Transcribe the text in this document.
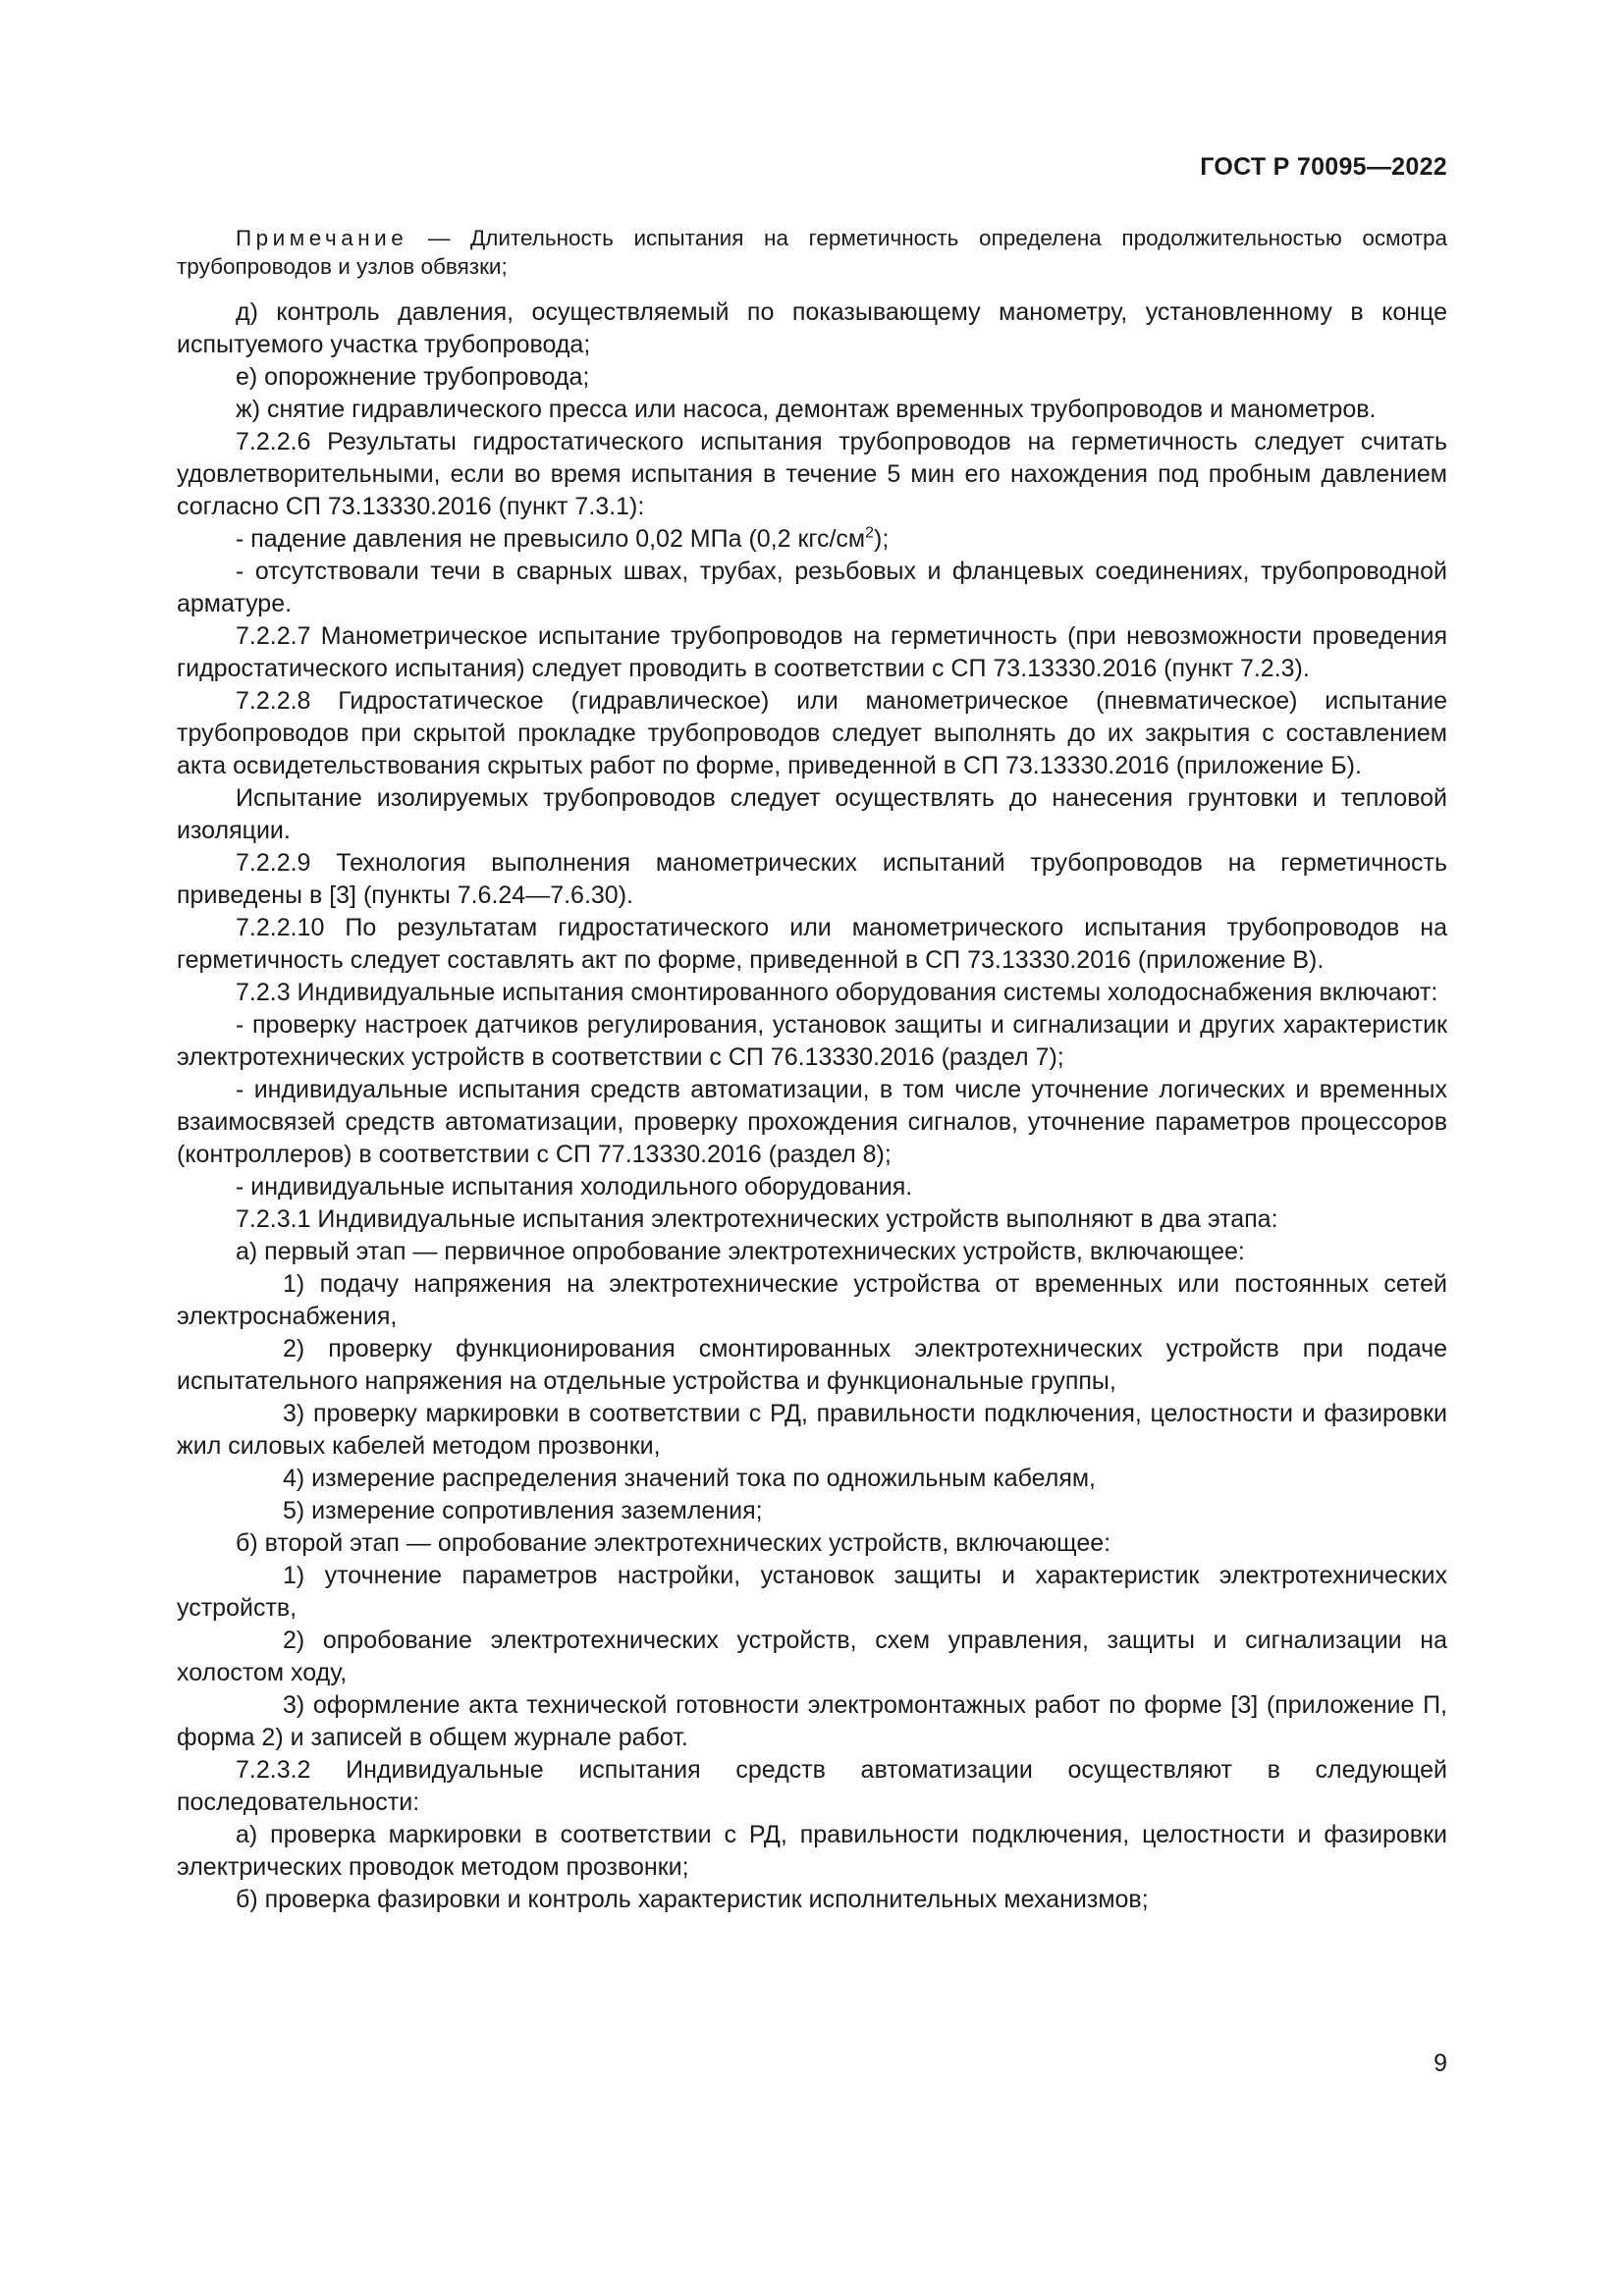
ГОСТ Р 70095—2022

Примечание — Длительность испытания на герметичность определена продолжительностью осмотра трубопроводов и узлов обвязки;

д) контроль давления, осуществляемый по показывающему манометру, установленному в конце испытуемого участка трубопровода;

е) опорожнение трубопровода;

ж) снятие гидравлического пресса или насоса, демонтаж временных трубопроводов и манометров.

7.2.2.6 Результаты гидростатического испытания трубопроводов на герметичность следует считать удовлетворительными, если во время испытания в течение 5 мин его нахождения под пробным давлением согласно СП 73.13330.2016 (пункт 7.3.1):

- падение давления не превысило 0,02 МПа (0,2 кгс/$см^2$);

- отсутствовали течи в сварных швах, трубах, резьбовых и фланцевых соединениях, трубопроводной арматуре.

7.2.2.7 Манометрическое испытание трубопроводов на герметичность (при невозможности проведения гидростатического испытания) следует проводить в соответствии с СП 73.13330.2016 (пункт 7.2.3).

7.2.2.8 Гидростатическое (гидравлическое) или манометрическое (пневматическое) испытание трубопроводов при скрытой прокладке трубопроводов следует выполнять до их закрытия с составлением акта освидетельствования скрытых работ по форме, приведенной в СП 73.13330.2016 (приложение Б).

Испытание изолируемых трубопроводов следует осуществлять до нанесения грунтовки и тепловой изоляции.

7.2.2.9 Технология выполнения манометрических испытаний трубопроводов на герметичность приведены в [3] (пункты 7.6.24—7.6.30).

7.2.2.10 По результатам гидростатического или манометрического испытания трубопроводов на герметичность следует составлять акт по форме, приведенной в СП 73.13330.2016 (приложение В).

7.2.3 Индивидуальные испытания смонтированного оборудования системы холодоснабжения включают:

- проверку настроек датчиков регулирования, установок защиты и сигнализации и других характеристик электротехнических устройств в соответствии с СП 76.13330.2016 (раздел 7);

- индивидуальные испытания средств автоматизации, в том числе уточнение логических и временных взаимосвязей средств автоматизации, проверку прохождения сигналов, уточнение параметров процессоров (контроллеров) в соответствии с СП 77.13330.2016 (раздел 8);

- индивидуальные испытания холодильного оборудования.

7.2.3.1 Индивидуальные испытания электротехнических устройств выполняют в два этапа:

а) первый этап — первичное опробование электротехнических устройств, включающее:

1) подачу напряжения на электротехнические устройства от временных или постоянных сетей электроснабжения,

2) проверку функционирования смонтированных электротехнических устройств при подаче испытательного напряжения на отдельные устройства и функциональные группы,

3) проверку маркировки в соответствии с РД, правильности подключения, целостности и фазировки жил силовых кабелей методом прозвонки,

4) измерение распределения значений тока по одножильным кабелям,

5) измерение сопротивления заземления;

б) второй этап — опробование электротехнических устройств, включающее:

1) уточнение параметров настройки, установок защиты и характеристик электротехнических устройств,

2) опробование электротехнических устройств, схем управления, защиты и сигнализации на холостом ходу,

3) оформление акта технической готовности электромонтажных работ по форме [3] (приложение П, форма 2) и записей в общем журнале работ.

7.2.3.2 Индивидуальные испытания средств автоматизации осуществляют в следующей последовательности:

а) проверка маркировки в соответствии с РД, правильности подключения, целостности и фазировки электрических проводок методом прозвонки;

б) проверка фазировки и контроль характеристик исполнительных механизмов;

9
